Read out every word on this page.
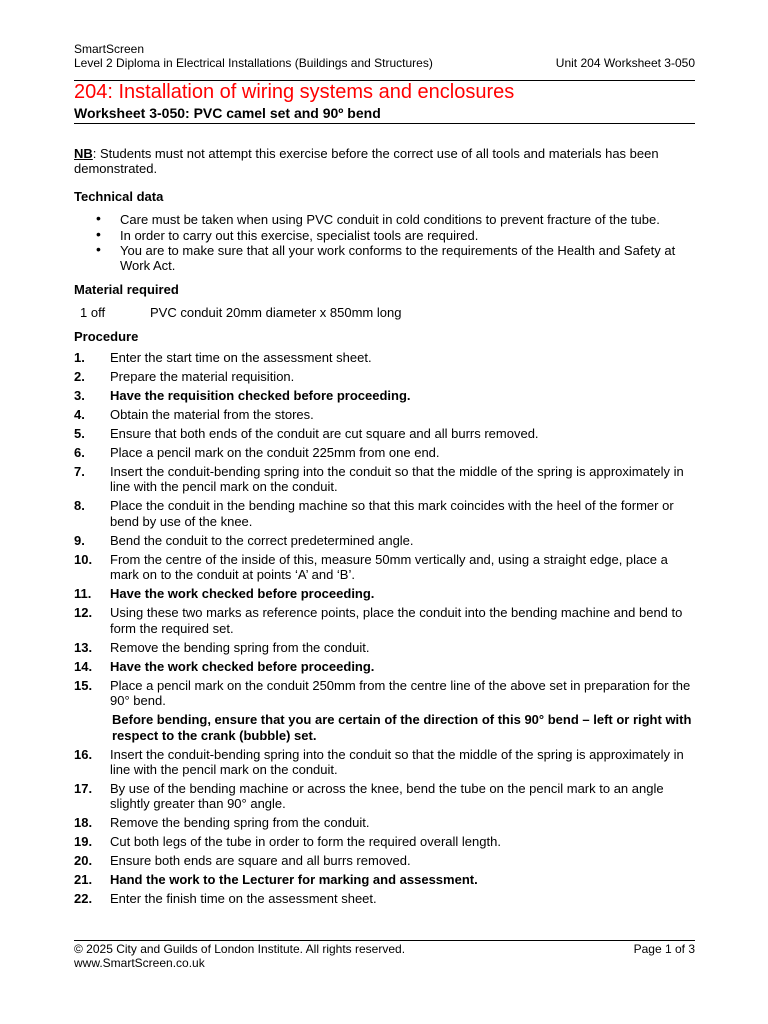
SmartScreen
Level 2 Diploma in Electrical Installations (Buildings and Structures)	Unit 204 Worksheet 3-050
204: Installation of wiring systems and enclosures
Worksheet 3-050: PVC camel set and 90º bend

NB: Students must not attempt this exercise before the correct use of all tools and materials has been demonstrated.

Technical data
• Care must be taken when using PVC conduit in cold conditions to prevent fracture of the tube.
• In order to carry out this exercise, specialist tools are required.
• You are to make sure that all your work conforms to the requirements of the Health and Safety at Work Act.
Material required
1 off	PVC conduit 20mm diameter x 850mm long
Procedure
1.	Enter the start time on the assessment sheet.
2.	Prepare the material requisition.
3.	Have the requisition checked before proceeding.
4.	Obtain the material from the stores.
5.	Ensure that both ends of the conduit are cut square and all burrs removed.
6.	Place a pencil mark on the conduit 225mm from one end.
7.	Insert the conduit-bending spring into the conduit so that the middle of the spring is approximately in line with the pencil mark on the conduit.
8.	Place the conduit in the bending machine so that this mark coincides with the heel of the former or bend by use of the knee.
9.	Bend the conduit to the correct predetermined angle.
10.	From the centre of the inside of this, measure 50mm vertically and, using a straight edge, place a mark on to the conduit at points ‘A’ and ‘B’.
11.	Have the work checked before proceeding.
12.	Using these two marks as reference points, place the conduit into the bending machine and bend to form the required set.
13.	Remove the bending spring from the conduit.
14.	Have the work checked before proceeding.
15.	Place a pencil mark on the conduit 250mm from the centre line of the above set in preparation for the 90° bend.
Before bending, ensure that you are certain of the direction of this 90° bend – left or right with respect to the crank (bubble) set.
16.	Insert the conduit-bending spring into the conduit so that the middle of the spring is approximately in line with the pencil mark on the conduit.
17.	By use of the bending machine or across the knee, bend the tube on the pencil mark to an angle slightly greater than 90° angle.
18.	Remove the bending spring from the conduit.
19.	Cut both legs of the tube in order to form the required overall length.
20.	Ensure both ends are square and all burrs removed.
21.	Hand the work to the Lecturer for marking and assessment.
22.	Enter the finish time on the assessment sheet.
© 2025 City and Guilds of London Institute. All rights reserved.	Page 1 of 3
www.SmartScreen.co.uk
